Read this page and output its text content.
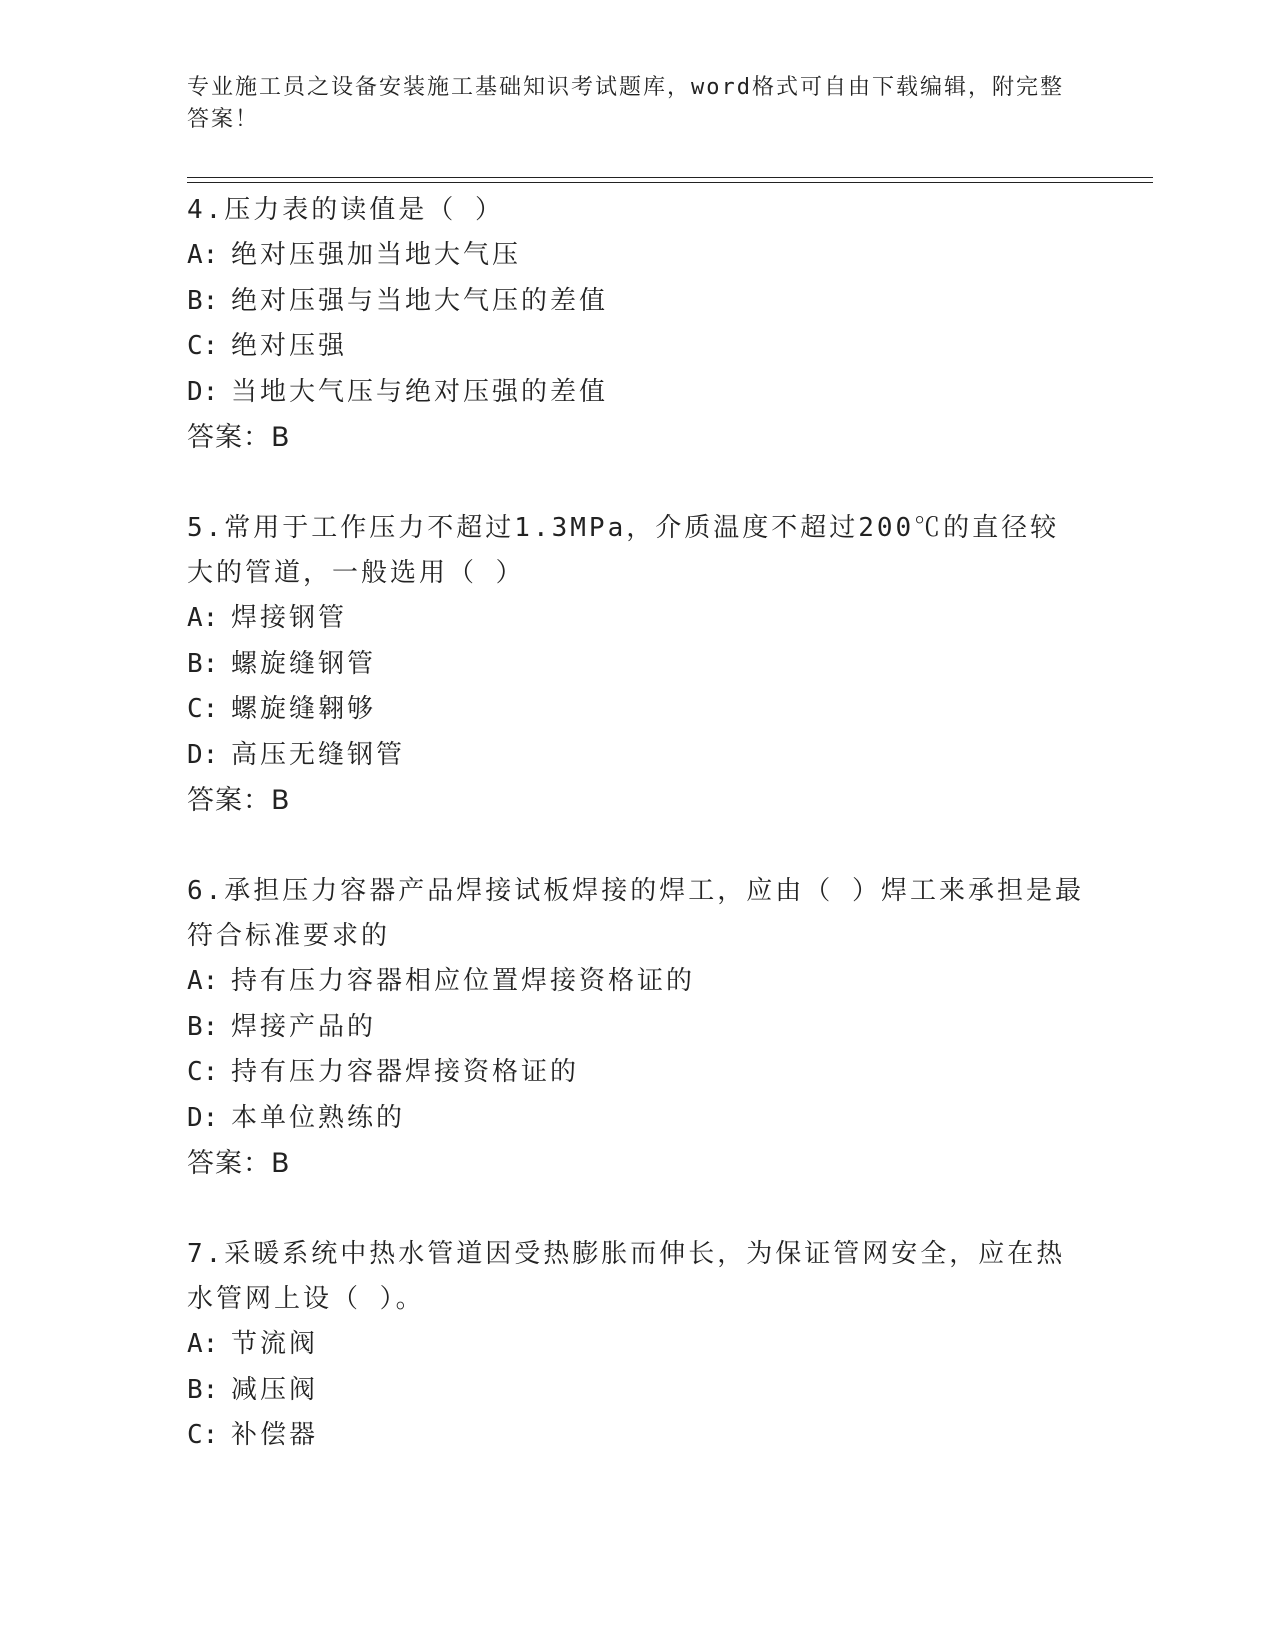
专业施工员之设备安装施工基础知识考试题库，word格式可自由下载编辑，附完整答案！
4.压力表的读值是（ ）
A: 绝对压强加当地大气压
B: 绝对压强与当地大气压的差值
C: 绝对压强
D: 当地大气压与绝对压强的差值
答案：B
5.常用于工作压力不超过1.3MPa，介质温度不超过200℃的直径较大的管道，一般选用（ ）
A: 焊接钢管
B: 螺旋缝钢管
C: 螺旋缝翱够
D: 高压无缝钢管
答案：B
6.承担压力容器产品焊接试板焊接的焊工，应由（ ）焊工来承担是最符合标准要求的
A: 持有压力容器相应位置焊接资格证的
B: 焊接产品的
C: 持有压力容器焊接资格证的
D: 本单位熟练的
答案：B
7.采暖系统中热水管道因受热膨胀而伸长，为保证管网安全，应在热水管网上设（ ）。
A: 节流阀
B: 减压阀
C: 补偿器
